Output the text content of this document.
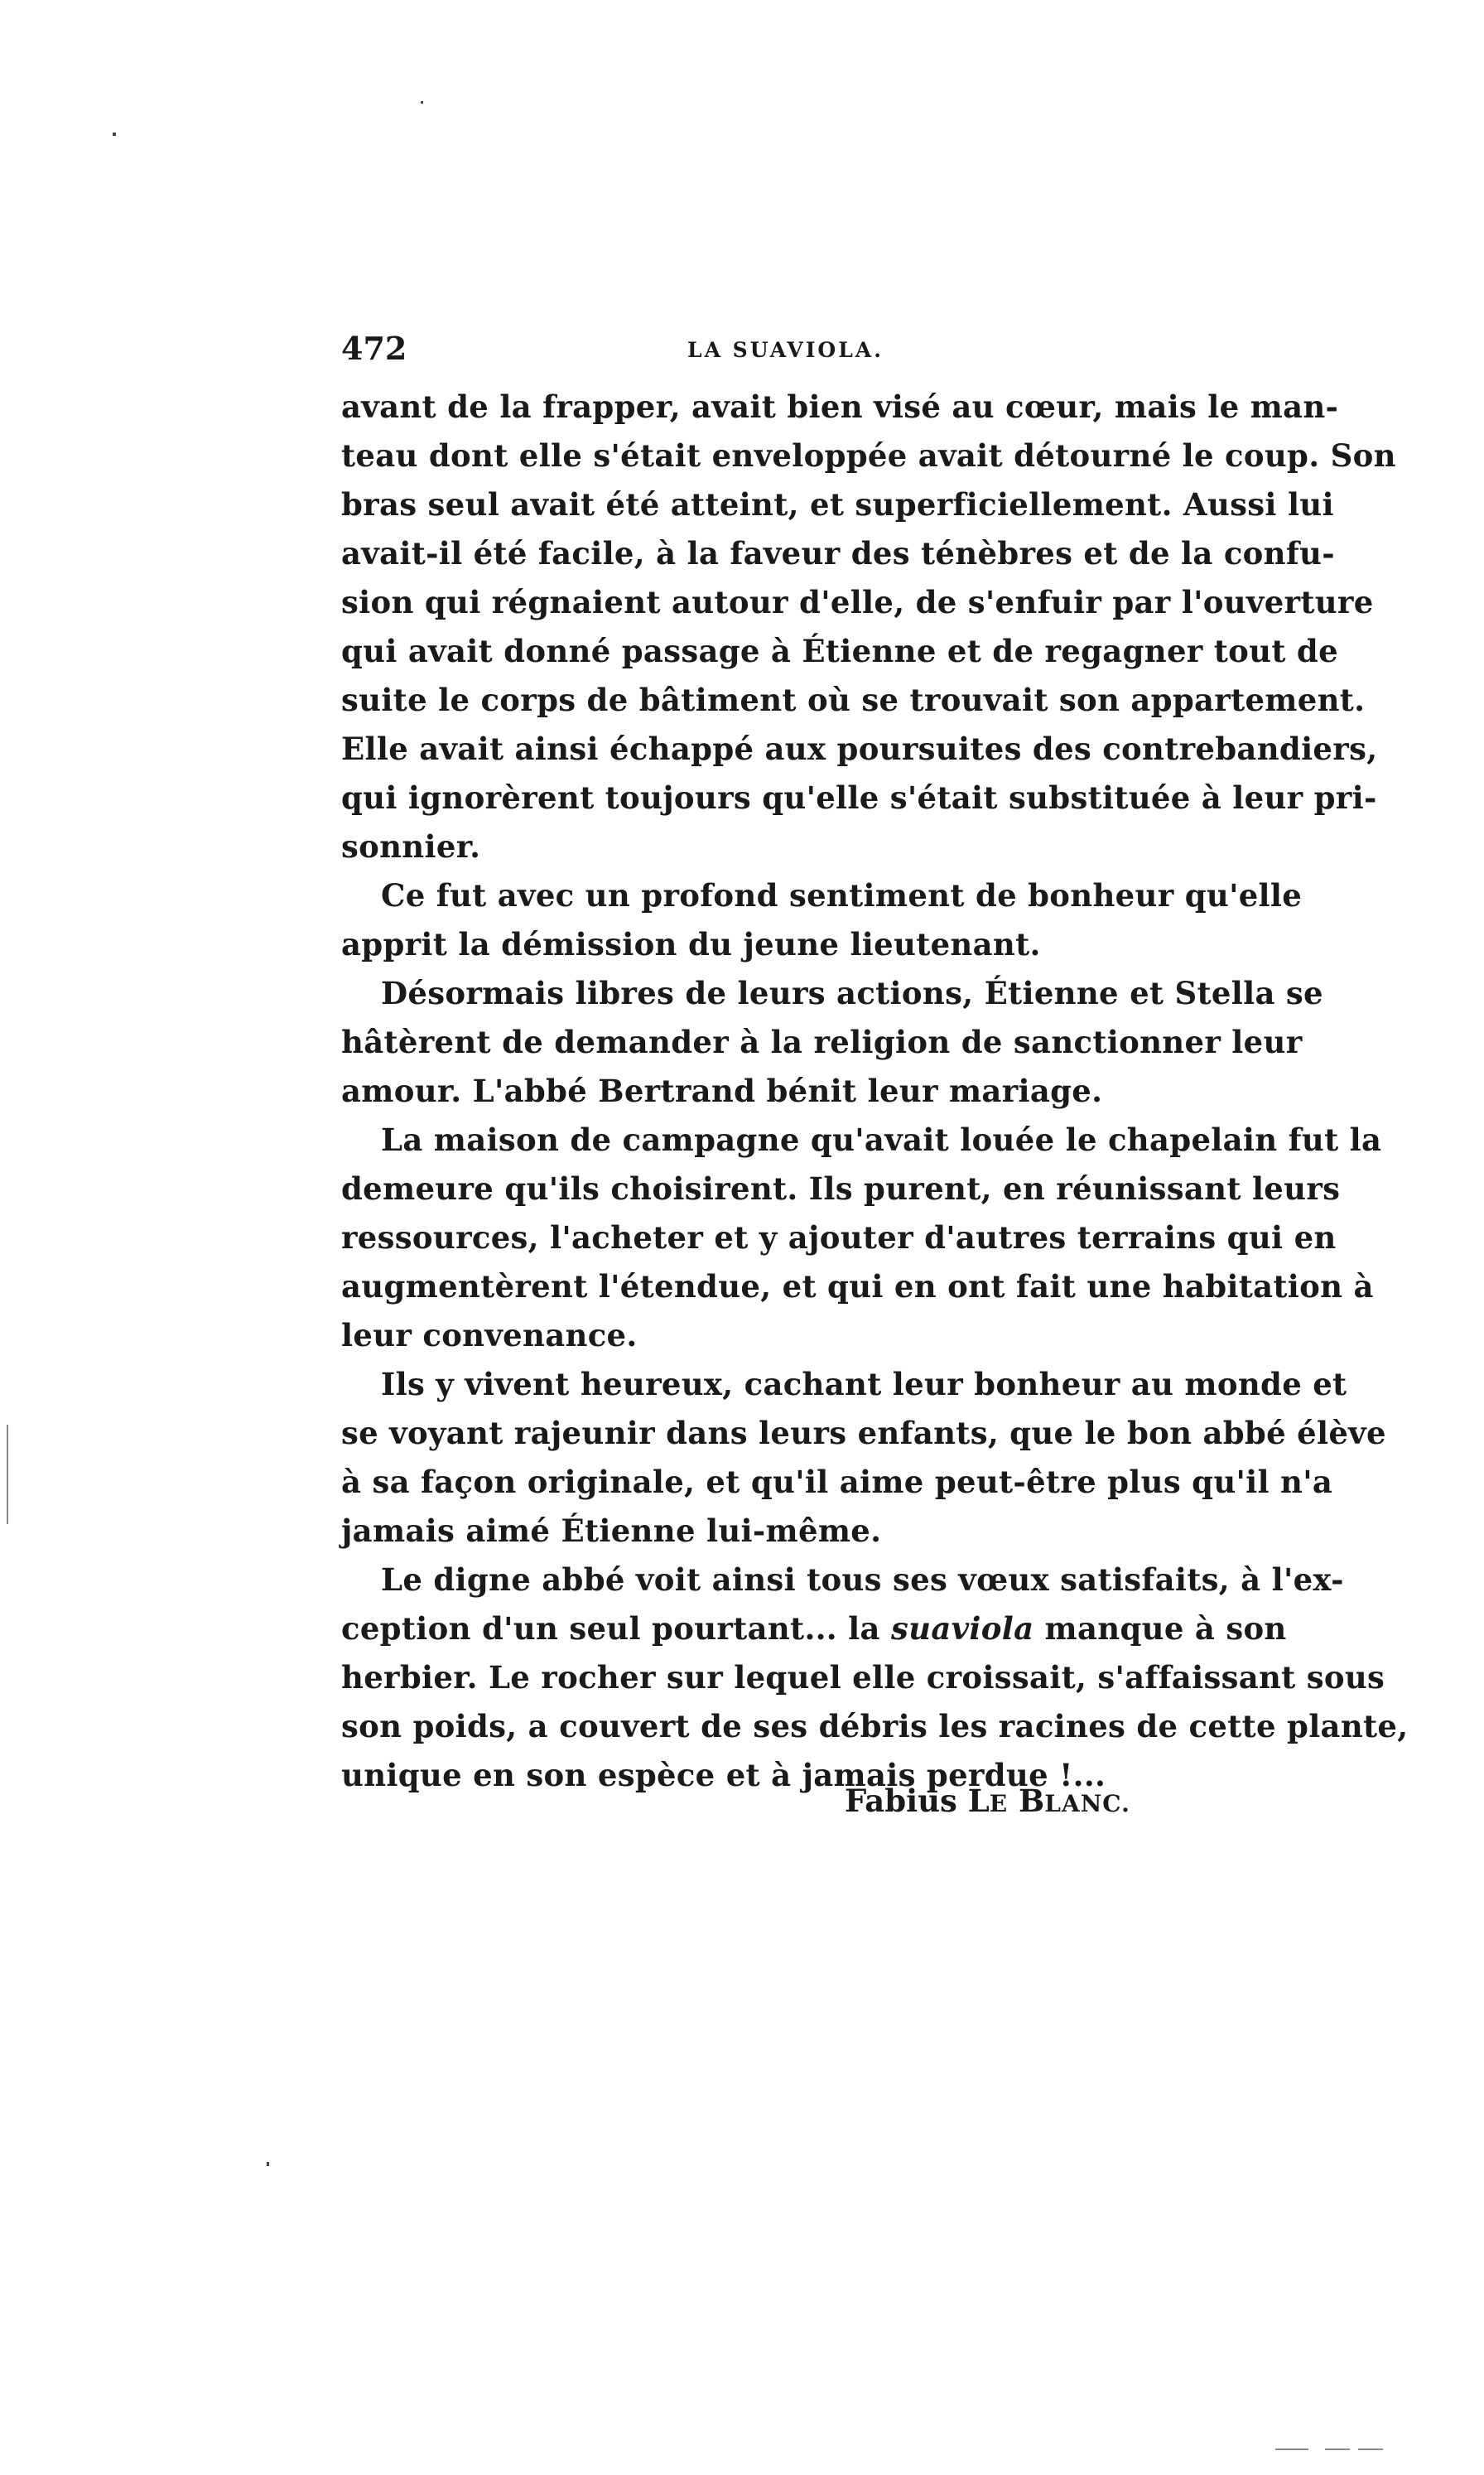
472	LA SUAVIOLA.
avant de la frapper, avait bien visé au cœur, mais le man-
teau dont elle s'était enveloppée avait détourné le coup. Son
bras seul avait été atteint, et superficiellement. Aussi lui
avait-il été facile, à la faveur des ténèbres et de la confu-
sion qui régnaient autour d'elle, de s'enfuir par l'ouverture
qui avait donné passage à Étienne et de regagner tout de
suite le corps de bâtiment où se trouvait son appartement.
Elle avait ainsi échappé aux poursuites des contrebandiers,
qui ignorèrent toujours qu'elle s'était substituée à leur pri-
sonnier.
Ce fut avec un profond sentiment de bonheur qu'elle
apprit la démission du jeune lieutenant.
Désormais libres de leurs actions, Étienne et Stella se
hâtèrent de demander à la religion de sanctionner leur
amour. L'abbé Bertrand bénit leur mariage.
La maison de campagne qu'avait louée le chapelain fut la
demeure qu'ils choisirent. Ils purent, en réunissant leurs
ressources, l'acheter et y ajouter d'autres terrains qui en
augmentèrent l'étendue, et qui en ont fait une habitation à
leur convenance.
Ils y vivent heureux, cachant leur bonheur au monde et
se voyant rajeunir dans leurs enfants, que le bon abbé élève
à sa façon originale, et qu'il aime peut-être plus qu'il n'a
jamais aimé Étienne lui-même.
Le digne abbé voit ainsi tous ses vœux satisfaits, à l'ex-
ception d'un seul pourtant... la suaviola manque à son
herbier. Le rocher sur lequel elle croissait, s'affaissant sous
son poids, a couvert de ses débris les racines de cette plante,
unique en son espèce et à jamais perdue !...
Fabius LE BLANC.
